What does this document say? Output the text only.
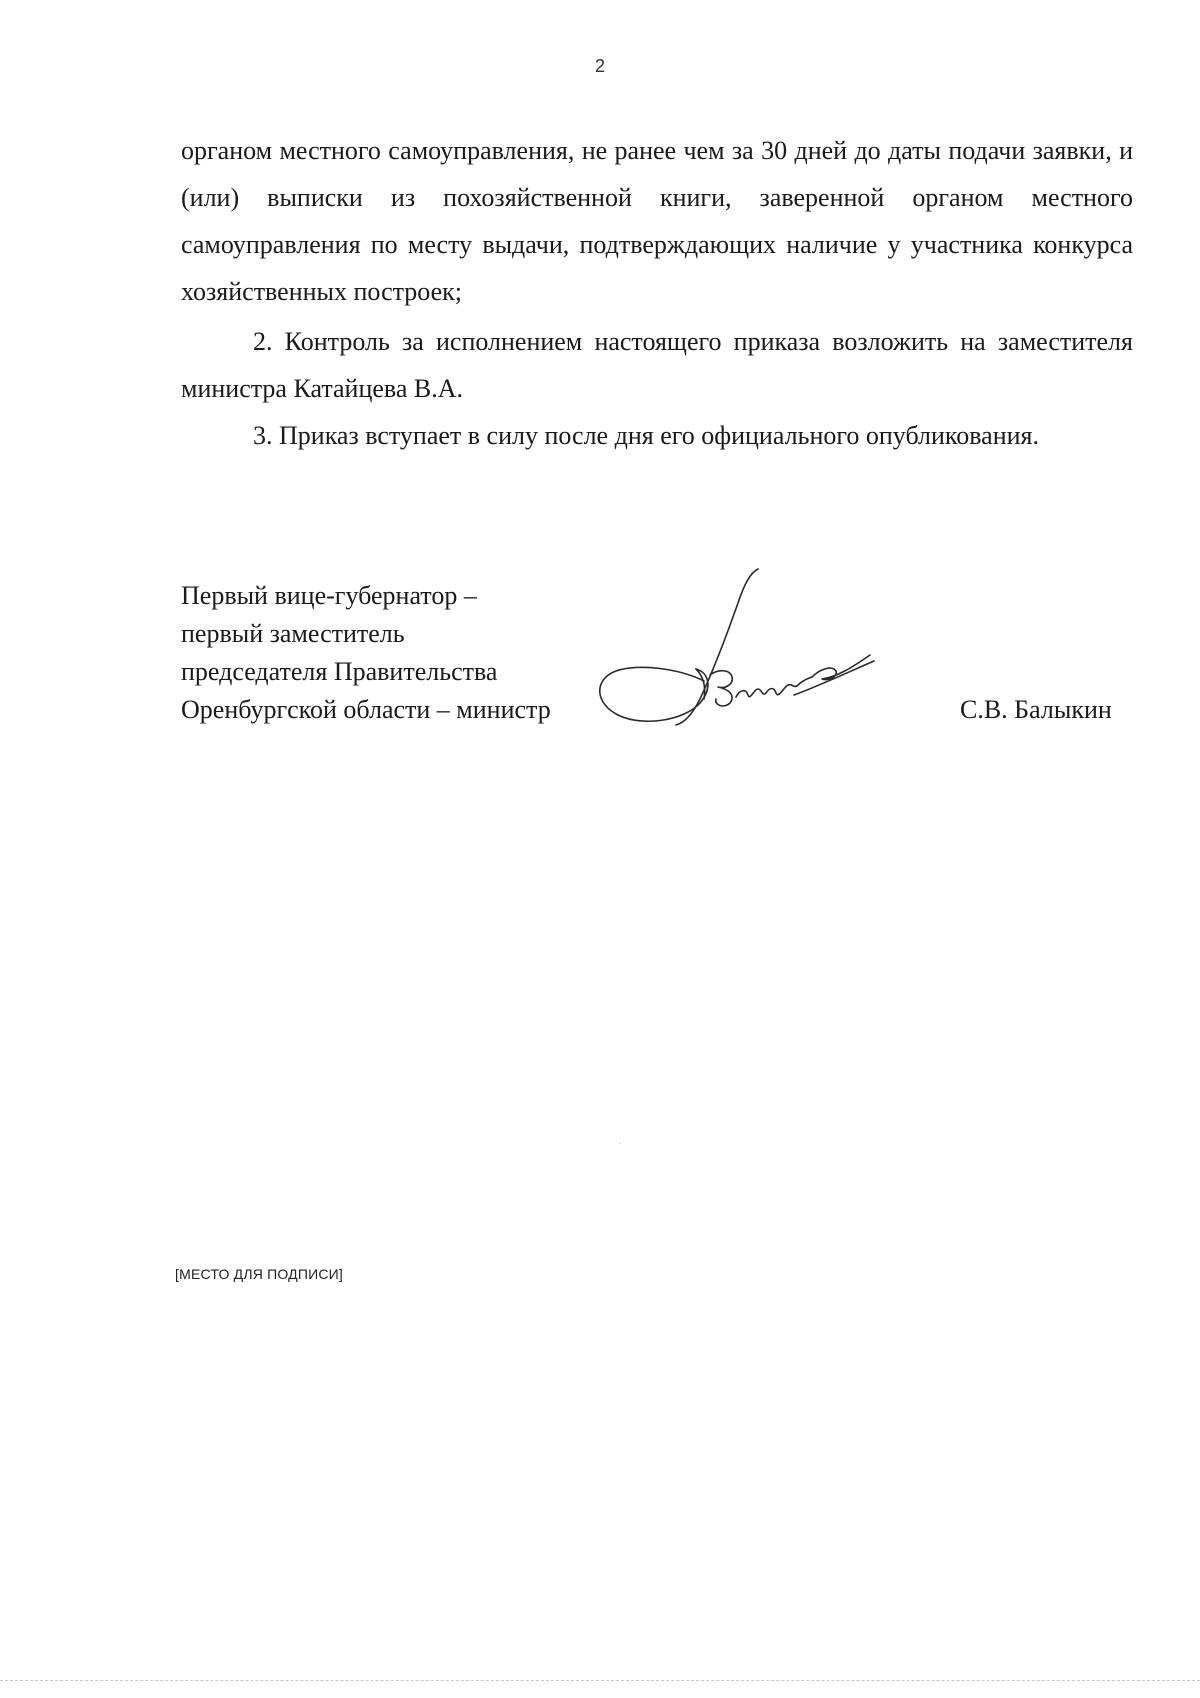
2

органом местного самоуправления, не ранее чем за 30 дней до даты подачи заявки, и (или) выписки из похозяйственной книги, заверенной органом местного самоуправления по месту выдачи, подтверждающих наличие у участника конкурса хозяйственных построек;

2. Контроль за исполнением настоящего приказа возложить на заместителя министра Катайцева В.А.

3. Приказ вступает в силу после дня его официального опубликования.

Первый вице-губернатор –
первый заместитель
председателя Правительства
Оренбургской области – министр	С.В. Балыкин
[МЕСТО ДЛЯ ПОДПИСИ]
